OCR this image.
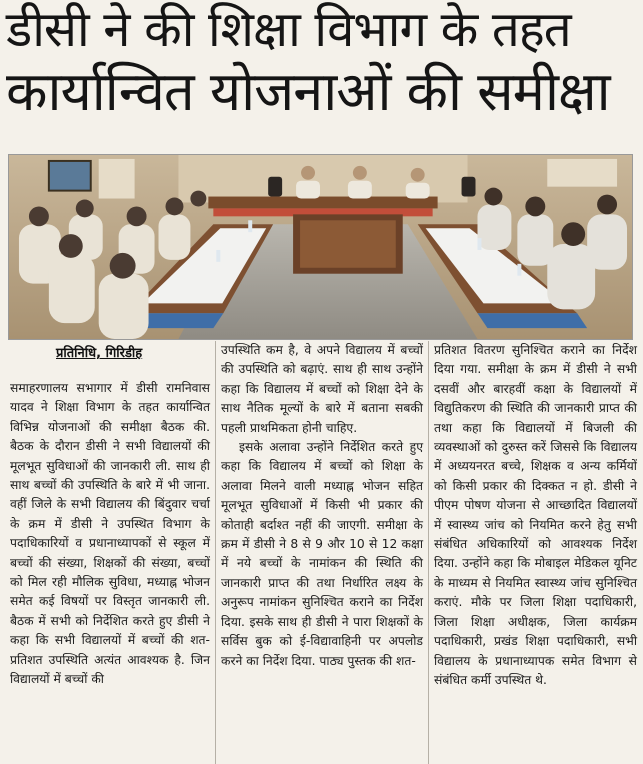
डीसी ने की शिक्षा विभाग के तहत
कार्यान्वित योजनाओं की समीक्षा
प्रतिनिधि, गिरिडीह

समाहरणालय सभागार में डीसी रामनिवास यादव ने शिक्षा विभाग के तहत कार्यान्वित विभिन्न योजनाओं की समीक्षा बैठक की. बैठक के दौरान डीसी ने सभी विद्यालयों की मूलभूत सुविधाओं की जानकारी ली. साथ ही साथ बच्चों की उपस्थिति के बारे में भी जाना. वहीं जिले के सभी विद्यालय की बिंदुवार चर्चा के क्रम में डीसी ने उपस्थित विभाग के पदाधिकारियों व प्रधानाध्यापकों से स्कूल में बच्चों की संख्या, शिक्षकों की संख्या, बच्चों को मिल रही मौलिक सुविधा, मध्याह्न भोजन समेत कई विषयों पर विस्तृत जानकारी ली. बैठक में सभी को निर्देशित करते हुए डीसी ने कहा कि सभी विद्यालयों में बच्चों की शत-प्रतिशत उपस्थिति अत्यंत आवश्यक है. जिन विद्यालयों में बच्चों की

उपस्थिति कम है, वे अपने विद्यालय में बच्चों की उपस्थिति को बढ़ाएं. साथ ही साथ उन्होंने कहा कि विद्यालय में बच्चों को शिक्षा देने के साथ नैतिक मूल्यों के बारे में बताना सबकी पहली प्राथमिकता होनी चाहिए.

इसके अलावा उन्होंने निर्देशित करते हुए कहा कि विद्यालय में बच्चों को शिक्षा के अलावा मिलने वाली मध्याह्न भोजन सहित मूलभूत सुविधाओं में किसी भी प्रकार की कोताही बर्दाश्त नहीं की जाएगी. समीक्षा के क्रम में डीसी ने 8 से 9 और 10 से 12 कक्षा में नये बच्चों के नामांकन की स्थिति की जानकारी प्राप्त की तथा निर्धारित लक्ष्य के अनुरूप नामांकन सुनिश्चित कराने का निर्देश दिया. इसके साथ ही डीसी ने पारा शिक्षकों के सर्विस बुक को ई-विद्यावाहिनी पर अपलोड करने का निर्देश दिया. पाठ्य पुस्तक की शत-

प्रतिशत वितरण सुनिश्चित कराने का निर्देश दिया गया. समीक्षा के क्रम में डीसी ने सभी दसवीं और बारहवीं कक्षा के विद्यालयों में विद्युतिकरण की स्थिति की जानकारी प्राप्त की तथा कहा कि विद्यालयों में बिजली की व्यवस्थाओं को दुरुस्त करें जिससे कि विद्यालय में अध्ययनरत बच्चे, शिक्षक व अन्य कर्मियों को किसी प्रकार की दिक्कत न हो. डीसी ने पीएम पोषण योजना से आच्छादित विद्यालयों में स्वास्थ्य जांच को नियमित करने हेतु सभी संबंधित अधिकारियों को आवश्यक निर्देश दिया. उन्होंने कहा कि मोबाइल मेडिकल यूनिट के माध्यम से नियमित स्वास्थ्य जांच सुनिश्चित कराएं. मौके पर जिला शिक्षा पदाधिकारी, जिला शिक्षा अधीक्षक, जिला कार्यक्रम पदाधिकारी, प्रखंड शिक्षा पदाधिकारी, सभी विद्यालय के प्रधानाध्यापक समेत विभाग से संबंधित कर्मी उपस्थित थे.
